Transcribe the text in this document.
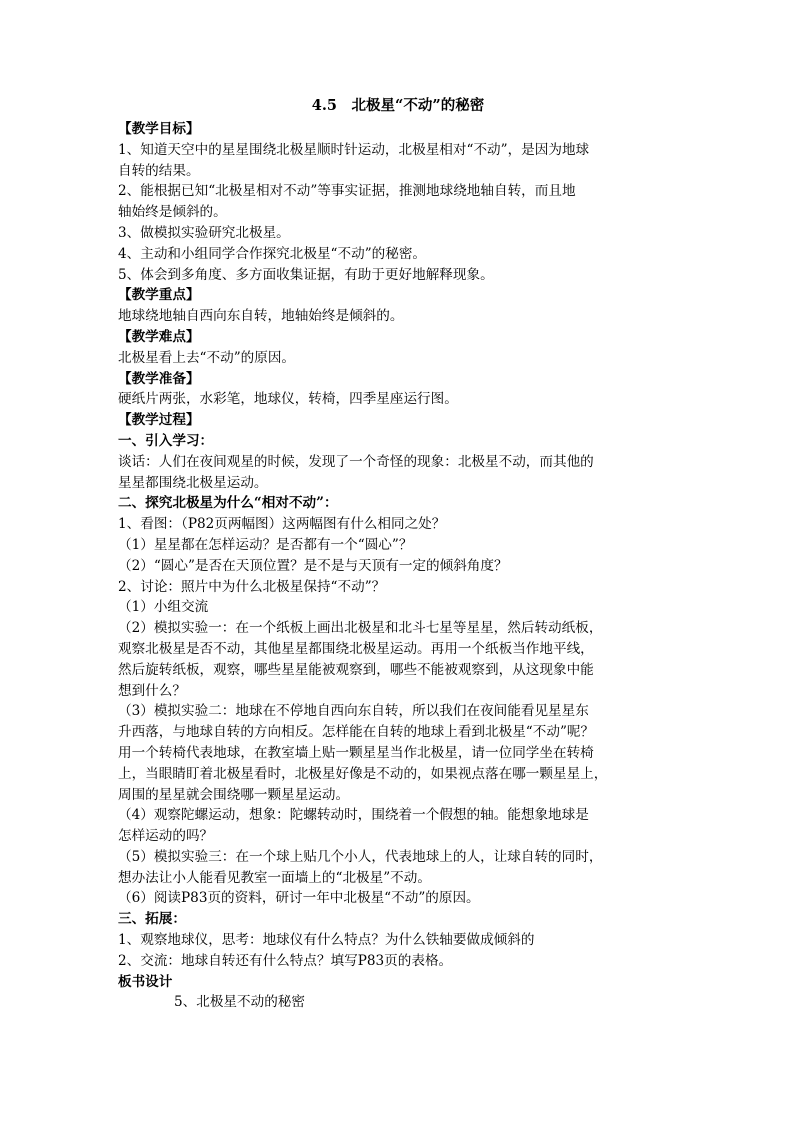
4.5　北极星“不动”的秘密
【教学目标】
1、知道天空中的星星围绕北极星顺时针运动，北极星相对“不动”，是因为地球
自转的结果。
2、能根据已知“北极星相对不动”等事实证据，推测地球绕地轴自转，而且地
轴始终是倾斜的。
3、做模拟实验研究北极星。
4、主动和小组同学合作探究北极星“不动”的秘密。
5、体会到多角度、多方面收集证据，有助于更好地解释现象。
【教学重点】
地球绕地轴自西向东自转，地轴始终是倾斜的。
【教学难点】
北极星看上去“不动”的原因。
【教学准备】
硬纸片两张，水彩笔，地球仪，转椅，四季星座运行图。
【教学过程】
一、引入学习：
谈话：人们在夜间观星的时候，发现了一个奇怪的现象：北极星不动，而其他的
星星都围绕北极星运动。
二、探究北极星为什么“相对不动”：
1、看图：（P82页两幅图）这两幅图有什么相同之处？
（1）星星都在怎样运动？是否都有一个“圆心”？
（2）“圆心”是否在天顶位置？是不是与天顶有一定的倾斜角度？
2、讨论：照片中为什么北极星保持“不动”？
（1）小组交流
（2）模拟实验一：在一个纸板上画出北极星和北斗七星等星星，然后转动纸板，
观察北极星是否不动，其他星星都围绕北极星运动。再用一个纸板当作地平线，
然后旋转纸板，观察，哪些星星能被观察到，哪些不能被观察到，从这现象中能
想到什么？
（3）模拟实验二：地球在不停地自西向东自转，所以我们在夜间能看见星星东
升西落，与地球自转的方向相反。怎样能在自转的地球上看到北极星“不动”呢？
用一个转椅代表地球，在教室墙上贴一颗星星当作北极星，请一位同学坐在转椅
上，当眼睛盯着北极星看时，北极星好像是不动的，如果视点落在哪一颗星星上，
周围的星星就会围绕哪一颗星星运动。
（4）观察陀螺运动，想象：陀螺转动时，围绕着一个假想的轴。能想象地球是
怎样运动的吗？
（5）模拟实验三：在一个球上贴几个小人，代表地球上的人，让球自转的同时，
想办法让小人能看见教室一面墙上的“北极星”不动。
（6）阅读P83页的资料，研讨一年中北极星“不动”的原因。
三、拓展：
1、观察地球仪，思考：地球仪有什么特点？为什么铁轴要做成倾斜的
2、交流：地球自转还有什么特点？填写P83页的表格。
板书设计
5、北极星不动的秘密
